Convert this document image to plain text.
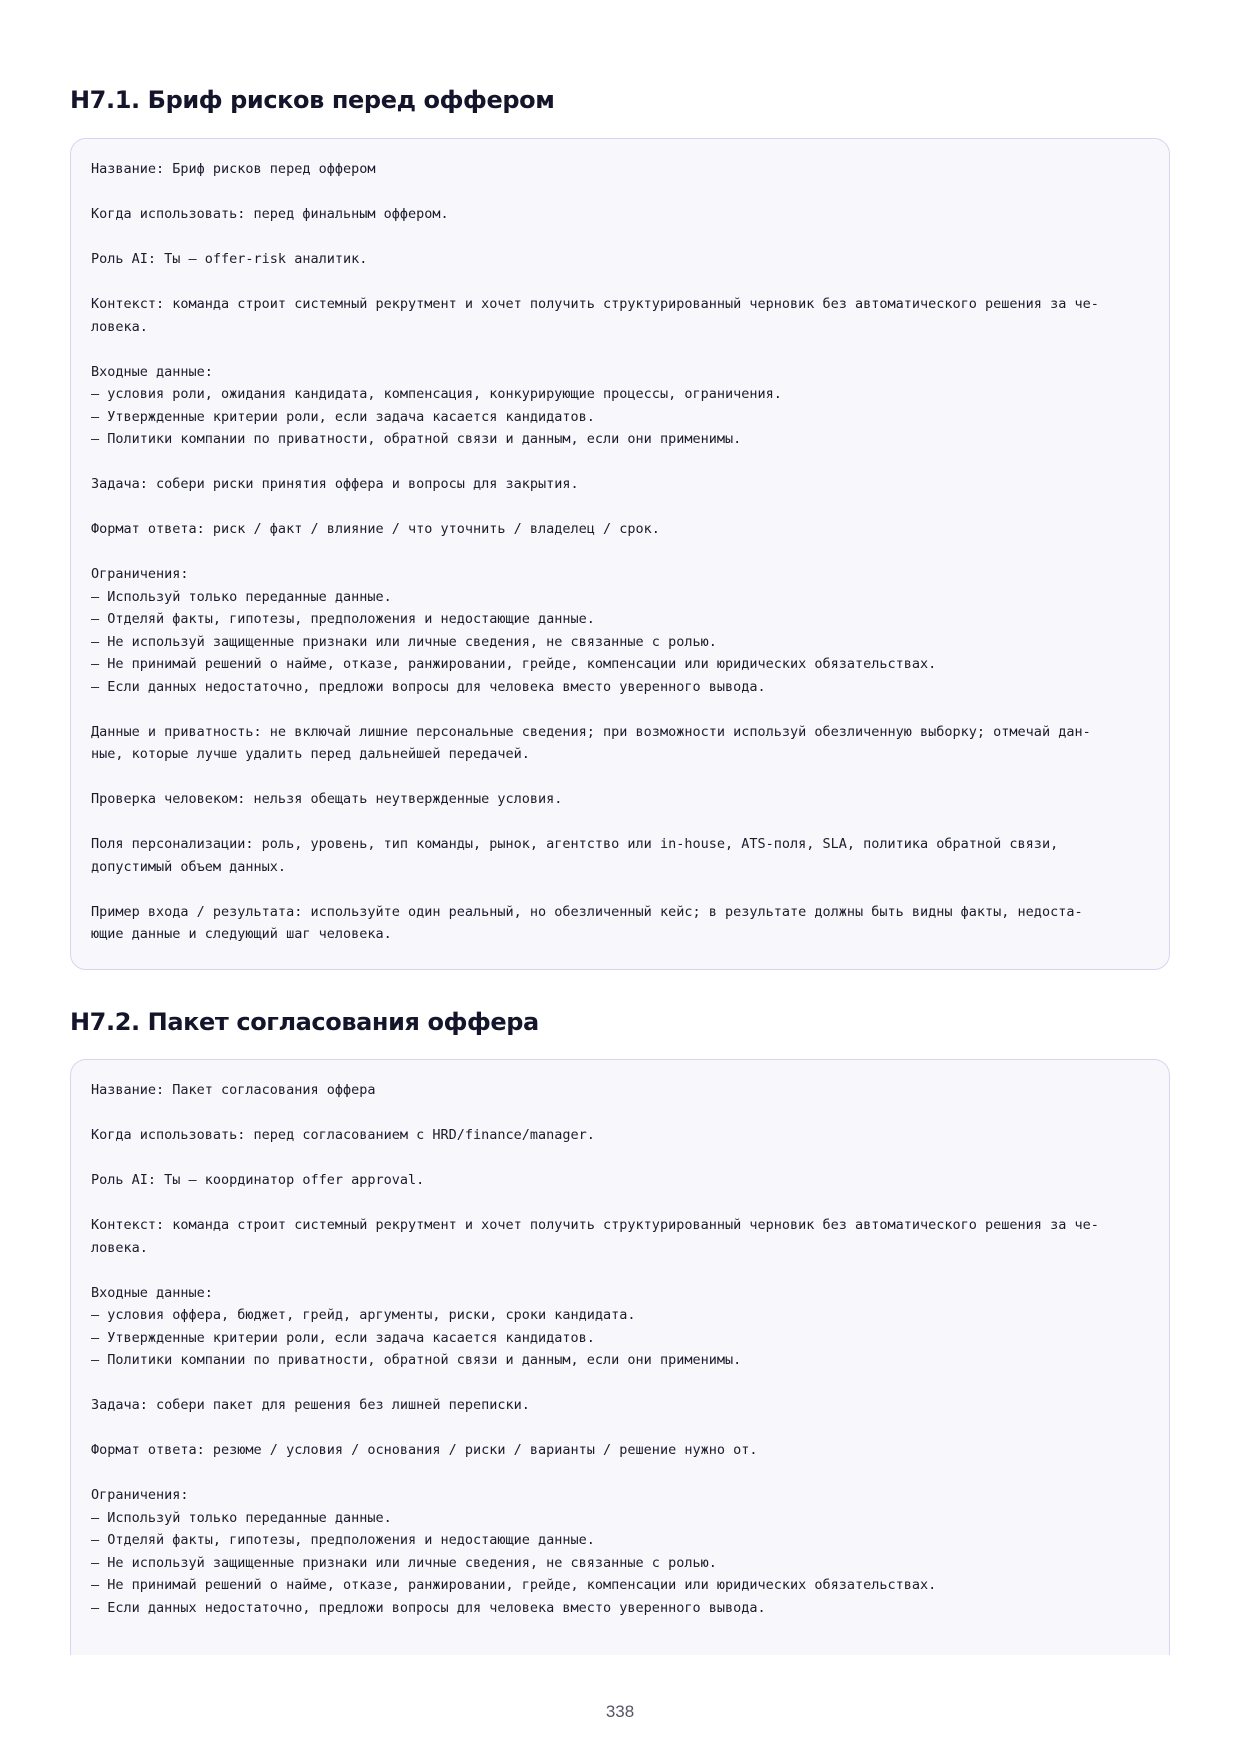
H7.1. Бриф рисков перед оффером

Название: Бриф рисков перед оффером

Когда использовать: перед финальным оффером.

Роль AI: Ты – offer-risk аналитик.

Контекст: команда строит системный рекрутмент и хочет получить структурированный черновик без автоматического решения за че-

ловека.

Входные данные:

– условия роли, ожидания кандидата, компенсация, конкурирующие процессы, ограничения.

– Утвержденные критерии роли, если задача касается кандидатов.

– Политики компании по приватности, обратной связи и данным, если они применимы.

Задача: собери риски принятия оффера и вопросы для закрытия.

Формат ответа: риск / факт / влияние / что уточнить / владелец / срок.

Ограничения:

– Используй только переданные данные.

– Отделяй факты, гипотезы, предположения и недостающие данные.

– Не используй защищенные признаки или личные сведения, не связанные с ролью.

– Не принимай решений о найме, отказе, ранжировании, грейде, компенсации или юридических обязательствах.

– Если данных недостаточно, предложи вопросы для человека вместо уверенного вывода.

Данные и приватность: не включай лишние персональные сведения; при возможности используй обезличенную выборку; отмечай дан-

ные, которые лучше удалить перед дальнейшей передачей.

Проверка человеком: нельзя обещать неутвержденные условия.

Поля персонализации: роль, уровень, тип команды, рынок, агентство или in-house, ATS-поля, SLA, политика обратной связи,

допустимый объем данных.

Пример входа / результата: используйте один реальный, но обезличенный кейс; в результате должны быть видны факты, недоста-

ющие данные и следующий шаг человека.

H7.2. Пакет согласования оффера

Название: Пакет согласования оффера

Когда использовать: перед согласованием с HRD/finance/manager.

Роль AI: Ты – координатор offer approval.

Контекст: команда строит системный рекрутмент и хочет получить структурированный черновик без автоматического решения за че-

ловека.

Входные данные:

– условия оффера, бюджет, грейд, аргументы, риски, сроки кандидата.

– Утвержденные критерии роли, если задача касается кандидатов.

– Политики компании по приватности, обратной связи и данным, если они применимы.

Задача: собери пакет для решения без лишней переписки.

Формат ответа: резюме / условия / основания / риски / варианты / решение нужно от.

Ограничения:

– Используй только переданные данные.

– Отделяй факты, гипотезы, предположения и недостающие данные.

– Не используй защищенные признаки или личные сведения, не связанные с ролью.

– Не принимай решений о найме, отказе, ранжировании, грейде, компенсации или юридических обязательствах.

– Если данных недостаточно, предложи вопросы для человека вместо уверенного вывода.

338
